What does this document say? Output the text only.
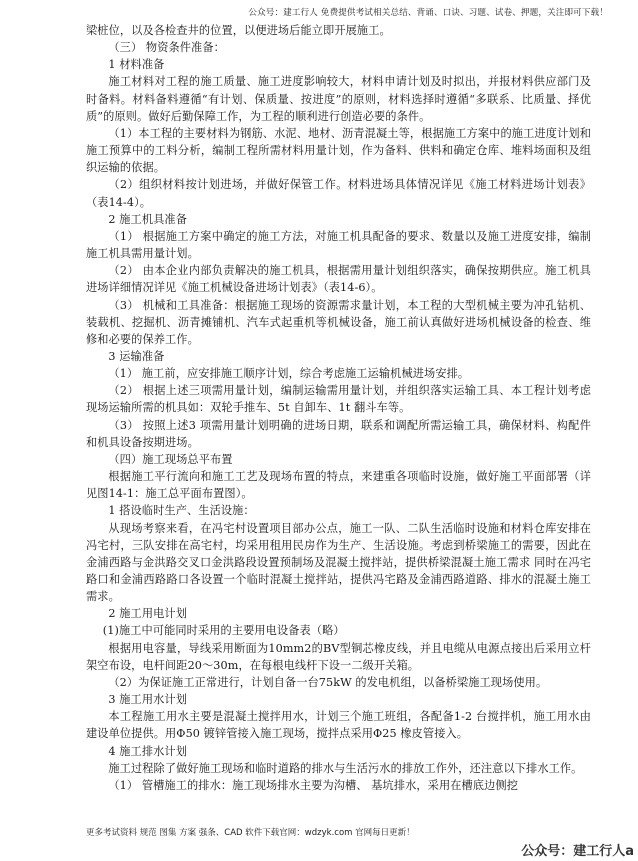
公众号：建工行人 免费提供考试相关总结、背诵、口诀、习题、试卷、押题，关注即可下载！

梁桩位，以及各检查井的位置，以便进场后能立即开展施工。

（三） 物资条件准备：

1 材料准备

施工材料对工程的施工质量、施工进度影响较大，材料申请计划及时拟出，并报材料供应部门及时备料。材料备料遵循“有计划、保质量、按进度”的原则，材料选择时遵循“多联系、比质量、择优质”的原则。做好后勤保障工作，为工程的顺利进行创造必要的条件。

（1）本工程的主要材料为钢筋、水泥、地材、沥青混凝土等，根据施工方案中的施工进度计划和施工预算中的工料分析，编制工程所需材料用量计划，作为备料、供料和确定仓库、堆料场面积及组织运输的依据。

（2）组织材料按计划进场，并做好保管工作。材料进场具体情况详见《施工材料进场计划表》（表14-4）。

2 施工机具准备

（1） 根据施工方案中确定的施工方法，对施工机具配备的要求、数量以及施工进度安排，编制施工机具需用量计划。

（2） 由本企业内部负责解决的施工机具，根据需用量计划组织落实，确保按期供应。施工机具进场详细情况详见《施工机械设备进场计划表》（表14-6）。

（3） 机械和工具准备：根据施工现场的资源需求量计划，本工程的大型机械主要为冲孔钻机、装载机、挖掘机、沥青摊铺机、汽车式起重机等机械设备，施工前认真做好进场机械设备的检查、维修和必要的保养工作。

3 运输准备

（1） 施工前，应安排施工顺序计划，综合考虑施工运输机械进场安排。

（2） 根据上述三项需用量计划，编制运输需用量计划，并组织落实运输工具、本工程计划考虑现场运输所需的机具如：双轮手推车、5t 自卸车、1t 翻斗车等。

（3） 按照上述3 项需用量计划明确的进场日期，联系和调配所需运输工具，确保材料、构配件和机具设备按期进场。

（四）施工现场总平布置

根据施工平行流向和施工工艺及现场布置的特点，来建重各项临时设施，做好施工平面部署（详见图14-1：施工总平面布置图）。

1 搭设临时生产、生活设施：

从现场考察来看，在冯宅村设置项目部办公点，施工一队、二队生活临时设施和材料仓库安排在冯宅村，三队安排在高宅村，均采用租用民房作为生产、生活设施。考虑到桥梁施工的需要，因此在金浦西路与金洪路交叉口金洪路段设置预制场及混凝土搅拌站，提供桥梁混凝土施工需求 同时在冯宅路口和金浦西路路口各设置一个临时混凝土搅拌站，提供冯宅路及金浦西路道路、排水的混凝土施工需求。

2 施工用电计划

(1)施工中可能同时采用的主要用电设备表（略）

根据用电容量，导线采用断面为10mm2的BV型铜芯橡皮线，并且电缆从电源点接出后采用立杆架空布设，电杆间距20～30m，在每根电线杆下设一二级开关箱。

（2）为保证施工正常进行，计划自备一台75kW 的发电机组，以备桥梁施工现场使用。

3 施工用水计划

本工程施工用水主要是混凝土搅拌用水，计划三个施工班组，各配备1-2 台搅拌机，施工用水由建设单位提供。用Φ50 镀锌管接入施工现场，搅拌点采用Φ25 橡皮管接入。

4 施工排水计划

施工过程除了做好施工现场和临时道路的排水与生活污水的排放工作外，还注意以下排水工作。

（1） 管槽施工的排水：施工现场排水主要为沟槽、 基坑排水，采用在槽底边侧挖

更多考试资料 规范 图集 方案 强条、CAD 软件下载官网：wdzyk.com 官网每日更新！
公众号：建工行人a
